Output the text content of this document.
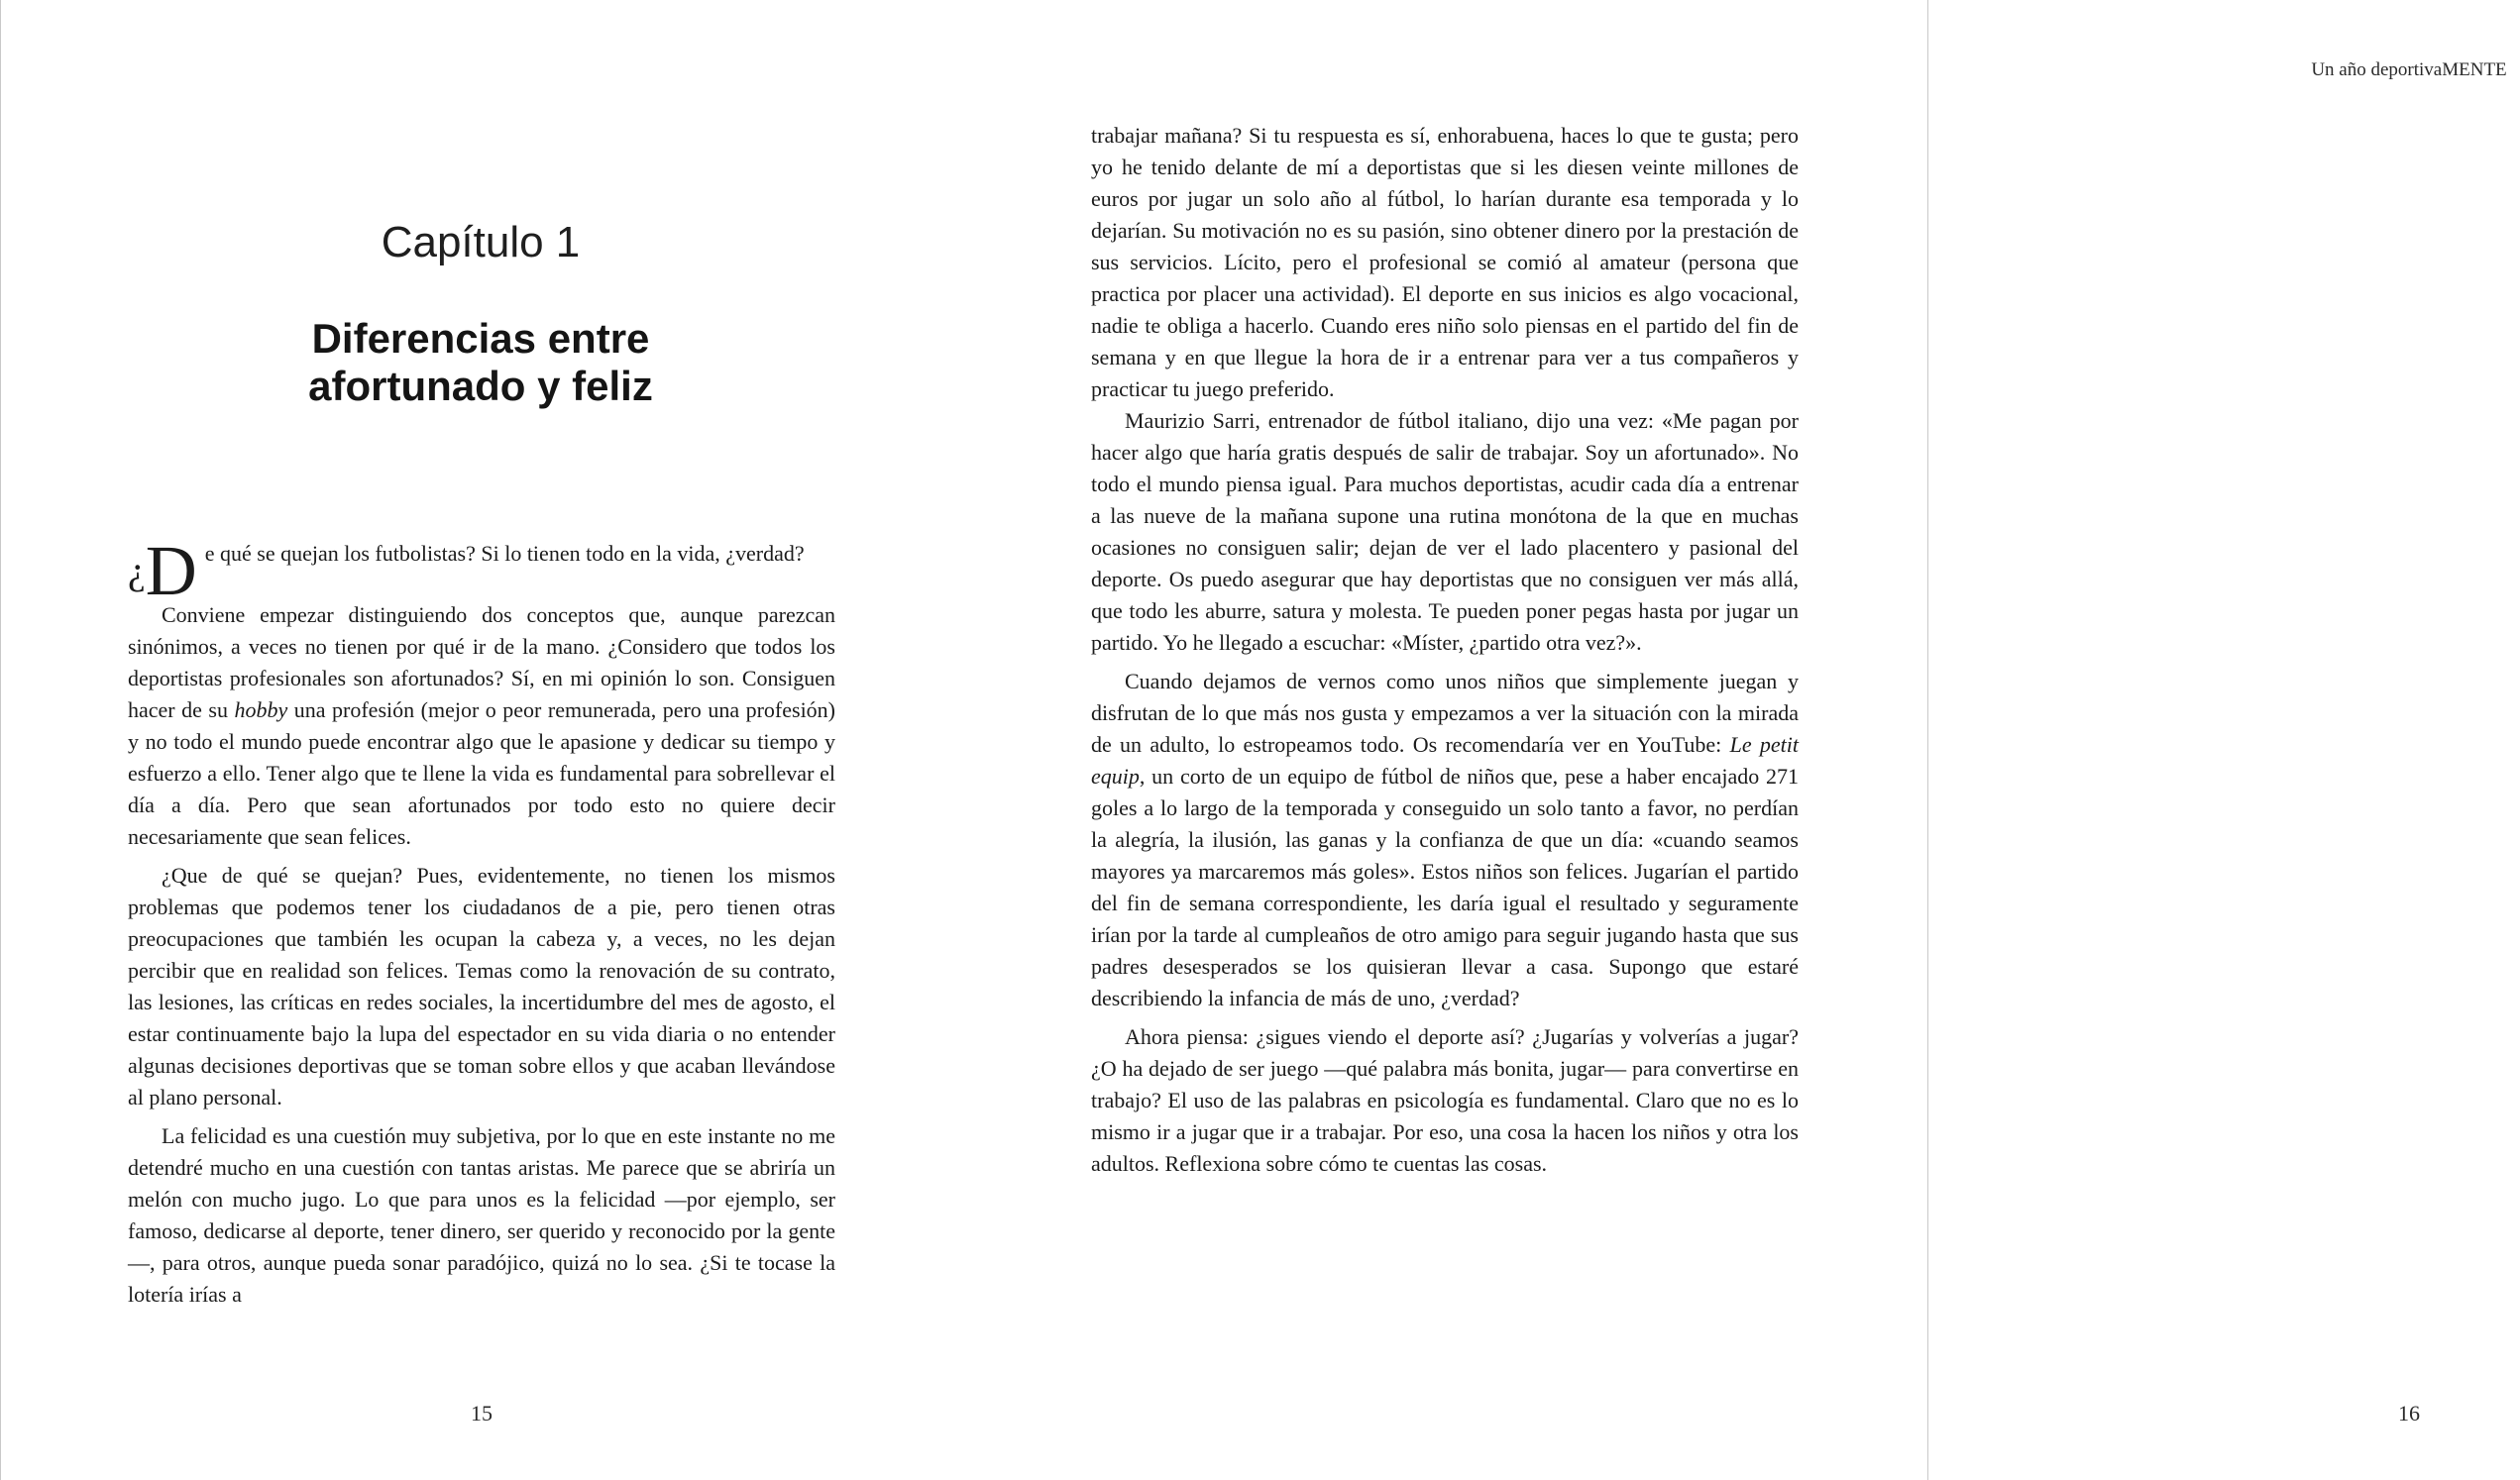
Capítulo 1
Diferencias entre
afortunado y feliz

¿D e qué se quejan los futbolistas? Si lo tienen todo en la vida, ¿verdad?

Conviene empezar distinguiendo dos conceptos que, aunque parezcan sinónimos, a veces no tienen por qué ir de la mano. ¿Considero que todos los deportistas profesionales son afortunados? Sí, en mi opinión lo son. Consiguen hacer de su hobby una profesión (mejor o peor remunerada, pero una profesión) y no todo el mundo puede encontrar algo que le apasione y dedicar su tiempo y esfuerzo a ello. Tener algo que te llene la vida es fundamental para sobrellevar el día a día. Pero que sean afortunados por todo esto no quiere decir necesariamente que sean felices.

¿Que de qué se quejan? Pues, evidentemente, no tienen los mismos problemas que podemos tener los ciudadanos de a pie, pero tienen otras preocupaciones que también les ocupan la cabeza y, a veces, no les dejan percibir que en realidad son felices. Temas como la renovación de su contrato, las lesiones, las críticas en redes sociales, la incertidumbre del mes de agosto, el estar continuamente bajo la lupa del espectador en su vida diaria o no entender algunas decisiones deportivas que se toman sobre ellos y que acaban llevándose al plano personal.

La felicidad es una cuestión muy subjetiva, por lo que en este instante no me detendré mucho en una cuestión con tantas aristas. Me parece que se abriría un melón con mucho jugo. Lo que para unos es la felicidad —por ejemplo, ser famoso, dedicarse al deporte, tener dinero, ser querido y reconocido por la gente—, para otros, aunque pueda sonar paradójico, quizá no lo sea. ¿Si te tocase la lotería irías a

15
Un año deportivaMENTE
16

trabajar mañana? Si tu respuesta es sí, enhorabuena, haces lo que te gusta; pero yo he tenido delante de mí a deportistas que si les diesen veinte millones de euros por jugar un solo año al fútbol, lo harían durante esa temporada y lo dejarían. Su motivación no es su pasión, sino obtener dinero por la prestación de sus servicios. Lícito, pero el profesional se comió al amateur (persona que practica por placer una actividad). El deporte en sus inicios es algo vocacional, nadie te obliga a hacerlo. Cuando eres niño solo piensas en el partido del fin de semana y en que llegue la hora de ir a entrenar para ver a tus compañeros y practicar tu juego preferido.

Maurizio Sarri, entrenador de fútbol italiano, dijo una vez: «Me pagan por hacer algo que haría gratis después de salir de trabajar. Soy un afortunado». No todo el mundo piensa igual. Para muchos deportistas, acudir cada día a entrenar a las nueve de la mañana supone una rutina monótona de la que en muchas ocasiones no consiguen salir; dejan de ver el lado placentero y pasional del deporte. Os puedo asegurar que hay deportistas que no consiguen ver más allá, que todo les aburre, satura y molesta. Te pueden poner pegas hasta por jugar un partido. Yo he llegado a escuchar: «Míster, ¿partido otra vez?».

Cuando dejamos de vernos como unos niños que simplemente juegan y disfrutan de lo que más nos gusta y empezamos a ver la situación con la mirada de un adulto, lo estropeamos todo. Os recomendaría ver en YouTube: Le petit equip, un corto de un equipo de fútbol de niños que, pese a haber encajado 271 goles a lo largo de la temporada y conseguido un solo tanto a favor, no perdían la alegría, la ilusión, las ganas y la confianza de que un día: «cuando seamos mayores ya marcaremos más goles». Estos niños son felices. Jugarían el partido del fin de semana correspondiente, les daría igual el resultado y seguramente irían por la tarde al cumpleaños de otro amigo para seguir jugando hasta que sus padres desesperados se los quisieran llevar a casa. Supongo que estaré describiendo la infancia de más de uno, ¿verdad?

Ahora piensa: ¿sigues viendo el deporte así? ¿Jugarías y volverías a jugar? ¿O ha dejado de ser juego —qué palabra más bonita, jugar— para convertirse en trabajo? El uso de las palabras en psicología es fundamental. Claro que no es lo mismo ir a jugar que ir a trabajar. Por eso, una cosa la hacen los niños y otra los adultos. Reflexiona sobre cómo te cuentas las cosas.
